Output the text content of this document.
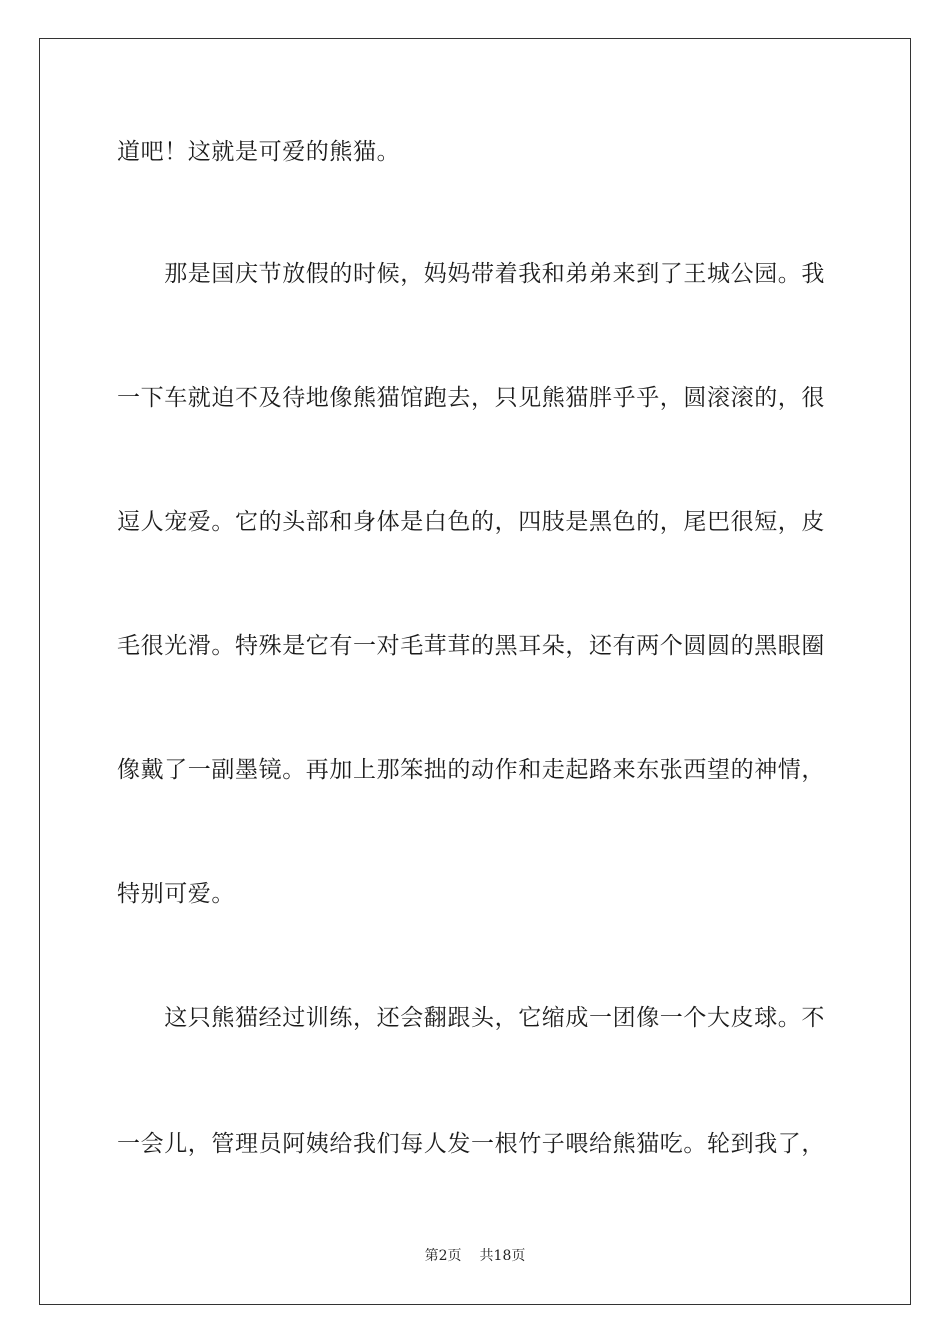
道吧！这就是可爱的熊猫。
　　那是国庆节放假的时候，妈妈带着我和弟弟来到了王城公园。我
一下车就迫不及待地像熊猫馆跑去，只见熊猫胖乎乎，圆滚滚的，很
逗人宠爱。它的头部和身体是白色的，四肢是黑色的，尾巴很短，皮
毛很光滑。特殊是它有一对毛茸茸的黑耳朵，还有两个圆圆的黑眼圈
像戴了一副墨镜。再加上那笨拙的动作和走起路来东张西望的神情，
特别可爱。
　　这只熊猫经过训练，还会翻跟头，它缩成一团像一个大皮球。不
一会儿，管理员阿姨给我们每人发一根竹子喂给熊猫吃。轮到我了，
第2页 共18页
